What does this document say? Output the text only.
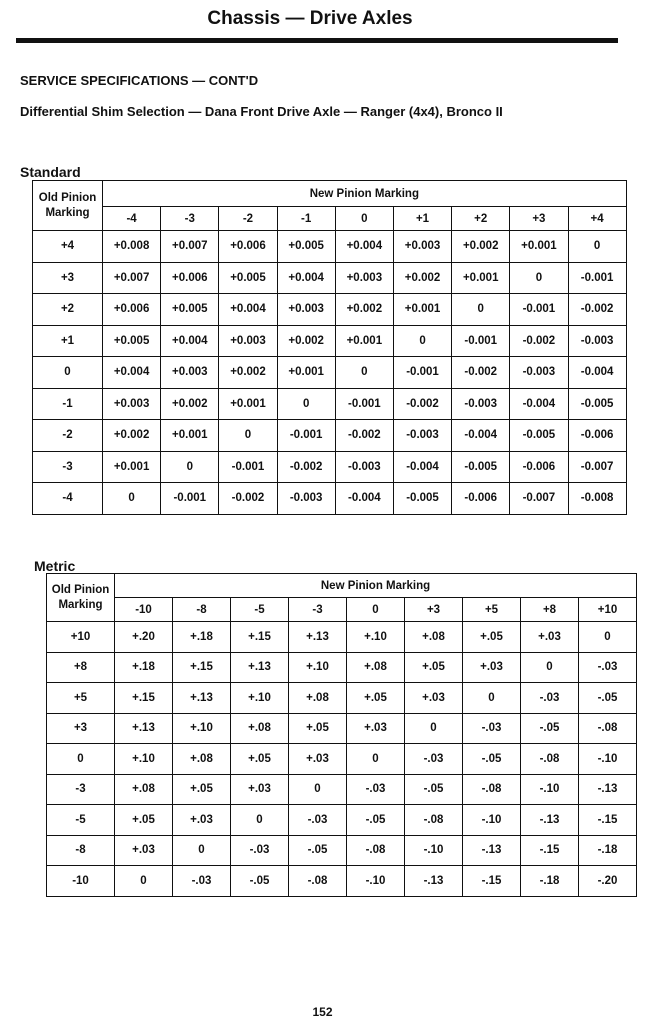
Chassis — Drive Axles
SERVICE SPECIFICATIONS — CONT'D
Differential Shim Selection — Dana Front Drive Axle — Ranger (4x4), Bronco II
Standard
Old Pinion Marking	New Pinion Marking								
	-4	-3	-2	-1	0	+1	+2	+3	+4
+4	+0.008	+0.007	+0.006	+0.005	+0.004	+0.003	+0.002	+0.001	0
+3	+0.007	+0.006	+0.005	+0.004	+0.003	+0.002	+0.001	0	-0.001
+2	+0.006	+0.005	+0.004	+0.003	+0.002	+0.001	0	-0.001	-0.002
+1	+0.005	+0.004	+0.003	+0.002	+0.001	0	-0.001	-0.002	-0.003
0	+0.004	+0.003	+0.002	+0.001	0	-0.001	-0.002	-0.003	-0.004
-1	+0.003	+0.002	+0.001	0	-0.001	-0.002	-0.003	-0.004	-0.005
-2	+0.002	+0.001	0	-0.001	-0.002	-0.003	-0.004	-0.005	-0.006
-3	+0.001	0	-0.001	-0.002	-0.003	-0.004	-0.005	-0.006	-0.007
-4	0	-0.001	-0.002	-0.003	-0.004	-0.005	-0.006	-0.007	-0.008
Metric
Old Pinion Marking	New Pinion Marking								
	-10	-8	-5	-3	0	+3	+5	+8	+10
+10	+.20	+.18	+.15	+.13	+.10	+.08	+.05	+.03	0
+8	+.18	+.15	+.13	+.10	+.08	+.05	+.03	0	-.03
+5	+.15	+.13	+.10	+.08	+.05	+.03	0	-.03	-.05
+3	+.13	+.10	+.08	+.05	+.03	0	-.03	-.05	-.08
0	+.10	+.08	+.05	+.03	0	-.03	-.05	-.08	-.10
-3	+.08	+.05	+.03	0	-.03	-.05	-.08	-.10	-.13
-5	+.05	+.03	0	-.03	-.05	-.08	-.10	-.13	-.15
-8	+.03	0	-.03	-.05	-.08	-.10	-.13	-.15	-.18
-10	0	-.03	-.05	-.08	-.10	-.13	-.15	-.18	-.20
152
